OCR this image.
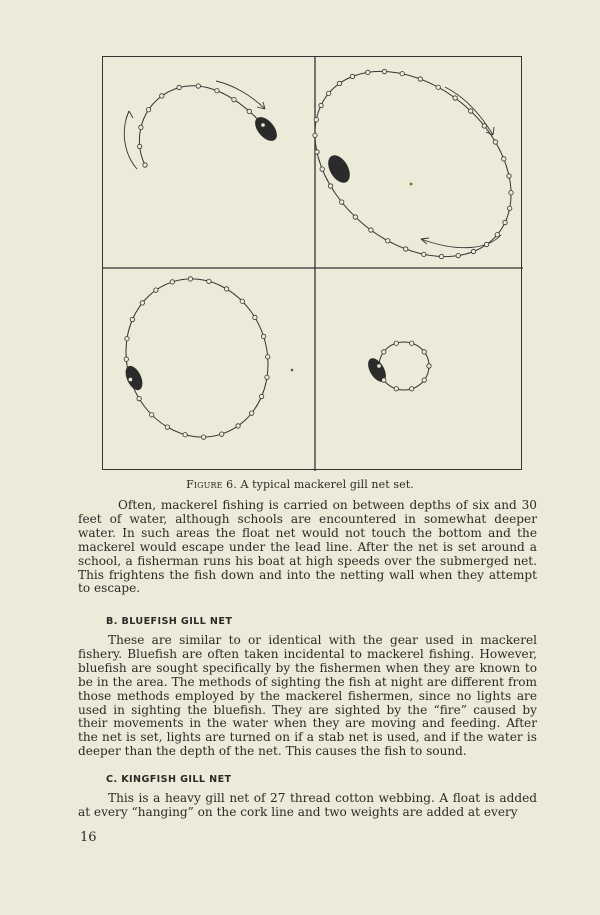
Figure 6. A typical mackerel gill net set.
Often, mackerel fishing is carried on between depths of six and 30 feet of water, although schools are encountered in somewhat deeper water. In such areas the float net would not touch the bottom and the mackerel would escape under the lead line. After the net is set around a school, a fisherman runs his boat at high speeds over the submerged net. This frightens the fish down and into the netting wall when they attempt to escape.
B. BLUEFISH GILL NET
These are similar to or identical with the gear used in mackerel fishery. Bluefish are often taken incidental to mackerel fishing. However, bluefish are sought specifically by the fishermen when they are known to be in the area. The methods of sighting the fish at night are different from those methods employed by the mackerel fishermen, since no lights are used in sighting the bluefish. They are sighted by the “fire” caused by their movements in the water when they are moving and feeding. After the net is set, lights are turned on if a stab net is used, and if the water is deeper than the depth of the net. This causes the fish to sound.
C. KINGFISH GILL NET
This is a heavy gill net of 27 thread cotton webbing. A float is added at every “hanging” on the cork line and two weights are added at every
16
